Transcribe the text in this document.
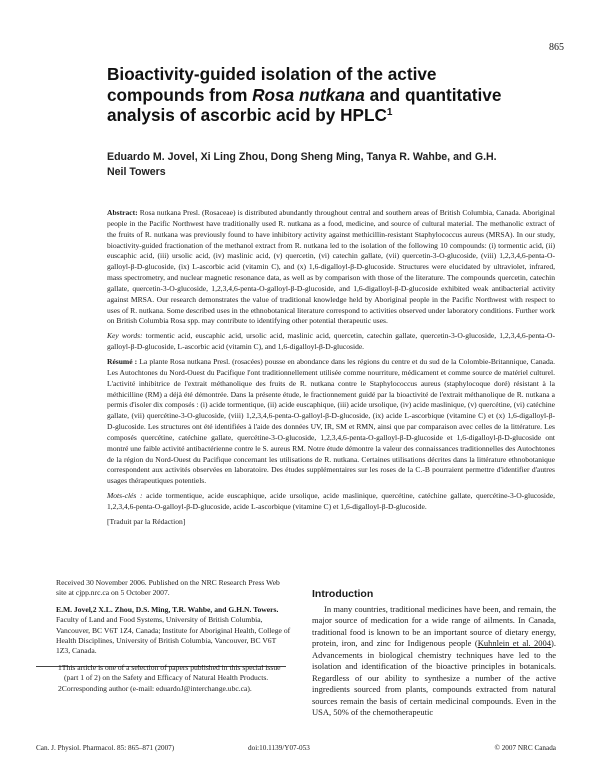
865
Bioactivity-guided isolation of the active compounds from Rosa nutkana and quantitative analysis of ascorbic acid by HPLC$^1$
Eduardo M. Jovel, Xi Ling Zhou, Dong Sheng Ming, Tanya R. Wahbe, and G.H. Neil Towers

Abstract: Rosa nutkana Presl. (Rosaceae) is distributed abundantly throughout central and southern areas of British Columbia, Canada. Aboriginal people in the Pacific Northwest have traditionally used R. nutkana as a food, medicine, and source of cultural material. The methanolic extract of the fruits of R. nutkana was previously found to have inhibitory activity against methicillin-resistant Staphylococcus aureus (MRSA). In our study, bioactivity-guided fractionation of the methanol extract from R. nutkana led to the isolation of the following 10 compounds: (i) tormentic acid, (ii) euscaphic acid, (iii) ursolic acid, (iv) maslinic acid, (v) quercetin, (vi) catechin gallate, (vii) quercetin-3-O-glucoside, (viii) 1,2,3,4,6-penta-O-galloyl-β-D-glucoside, (ix) L-ascorbic acid (vitamin C), and (x) 1,6-digalloyl-β-D-glucoside. Structures were elucidated by ultraviolet, infrared, mass spectrometry, and nuclear magnetic resonance data, as well as by comparison with those of the literature. The compounds quercetin, catechin gallate, quercetin-3-O-glucoside, 1,2,3,4,6-penta-O-galloyl-β-D-glucoside, and 1,6-digalloyl-β-D-glucoside exhibited weak antibacterial activity against MRSA. Our research demonstrates the value of traditional knowledge held by Aboriginal people in the Pacific Northwest with respect to uses of R. nutkana. Some described uses in the ethnobotanical literature correspond to activities observed under laboratory conditions. Further work on British Columbia Rosa spp. may contribute to identifying other potential therapeutic uses.

Key words: tormentic acid, euscaphic acid, ursolic acid, maslinic acid, quercetin, catechin gallate, quercetin-3-O-glucoside, 1,2,3,4,6-penta-O-galloyl-β-D-glucoside, L-ascorbic acid (vitamin C), and 1,6-digalloyl-β-D-glucoside.

Résumé : La plante Rosa nutkana Presl. (rosacées) pousse en abondance dans les régions du centre et du sud de la Colombie-Britannique, Canada. Les Autochtones du Nord-Ouest du Pacifique l'ont traditionnellement utilisée comme nourriture, médicament et comme source de matériel culturel. L'activité inhibitrice de l'extrait méthanolique des fruits de R. nutkana contre le Staphylococcus aureus (staphylocoque doré) résistant à la méthicilline (RM) a déjà été démontrée. Dans la présente étude, le fractionnement guidé par la bioactivité de l'extrait méthanolique de R. nutkana a permis d'isoler dix composés : (i) acide tormentique, (ii) acide euscaphique, (iii) acide ursolique, (iv) acide maslinique, (v) quercétine, (vi) catéchine gallate, (vii) quercétine-3-O-glucoside, (viii) 1,2,3,4,6-penta-O-galloyl-β-D-glucoside, (ix) acide L-ascorbique (vitamine C) et (x) 1,6-digalloyl-β-D-glucoside. Les structures ont été identifiées à l'aide des données UV, IR, SM et RMN, ainsi que par comparaison avec celles de la littérature. Les composés quercétine, catéchine gallate, quercétine-3-O-glucoside, 1,2,3,4,6-penta-O-galloyl-β-D-glucoside et 1,6-digalloyl-β-D-glucoside ont montré une faible activité antibactérienne contre le S. aureus RM. Notre étude démontre la valeur des connaissances traditionnelles des Autochtones de la région du Nord-Ouest du Pacifique concernant les utilisations de R. nutkana. Certaines utilisations décrites dans la littérature ethnobotanique correspondent aux activités observées en laboratoire. Des études supplémentaires sur les roses de la C.-B pourraient permettre d'identifier d'autres usages thérapeutiques potentiels.

Mots-clés : acide tormentique, acide euscaphique, acide ursolique, acide maslinique, quercétine, catéchine gallate, quercétine-3-O-glucoside, 1,2,3,4,6-penta-O-galloyl-β-D-glucoside, acide L-ascorbique (vitamine C) et 1,6-digalloyl-β-D-glucoside.

[Traduit par la Rédaction]

Received 30 November 2006. Published on the NRC Research Press Web site at cjpp.nrc.ca on 5 October 2007.

E.M. Jovel,2 X.L. Zhou, D.S. Ming, T.R. Wahbe, and G.H.N. Towers. Faculty of Land and Food Systems, University of British Columbia, Vancouver, BC V6T 1Z4, Canada; Institute for Aboriginal Health, College of Health Disciplines, University of British Columbia, Vancouver, BC V6T 1Z3, Canada.

1This article is one of a selection of papers published in this special issue (part 1 of 2) on the Safety and Efficacy of Natural Health Products.

2Corresponding author (e-mail: eduardoJ@interchange.ubc.ca).

Introduction

In many countries, traditional medicines have been, and remain, the major source of medication for a wide range of ailments. In Canada, traditional food is known to be an important source of dietary energy, protein, iron, and zinc for Indigenous people (Kuhnlein et al. 2004). Advancements in biological chemistry techniques have led to the isolation and identification of the bioactive principles in botanicals. Regardless of our ability to synthesize a number of the active ingredients sourced from plants, compounds extracted from natural sources remain the basis of certain medicinal compounds. Even in the USA, 50% of the chemotherapeutic

Can. J. Physiol. Pharmacol. 85: 865–871 (2007)	doi:10.1139/Y07-053	© 2007 NRC Canada
